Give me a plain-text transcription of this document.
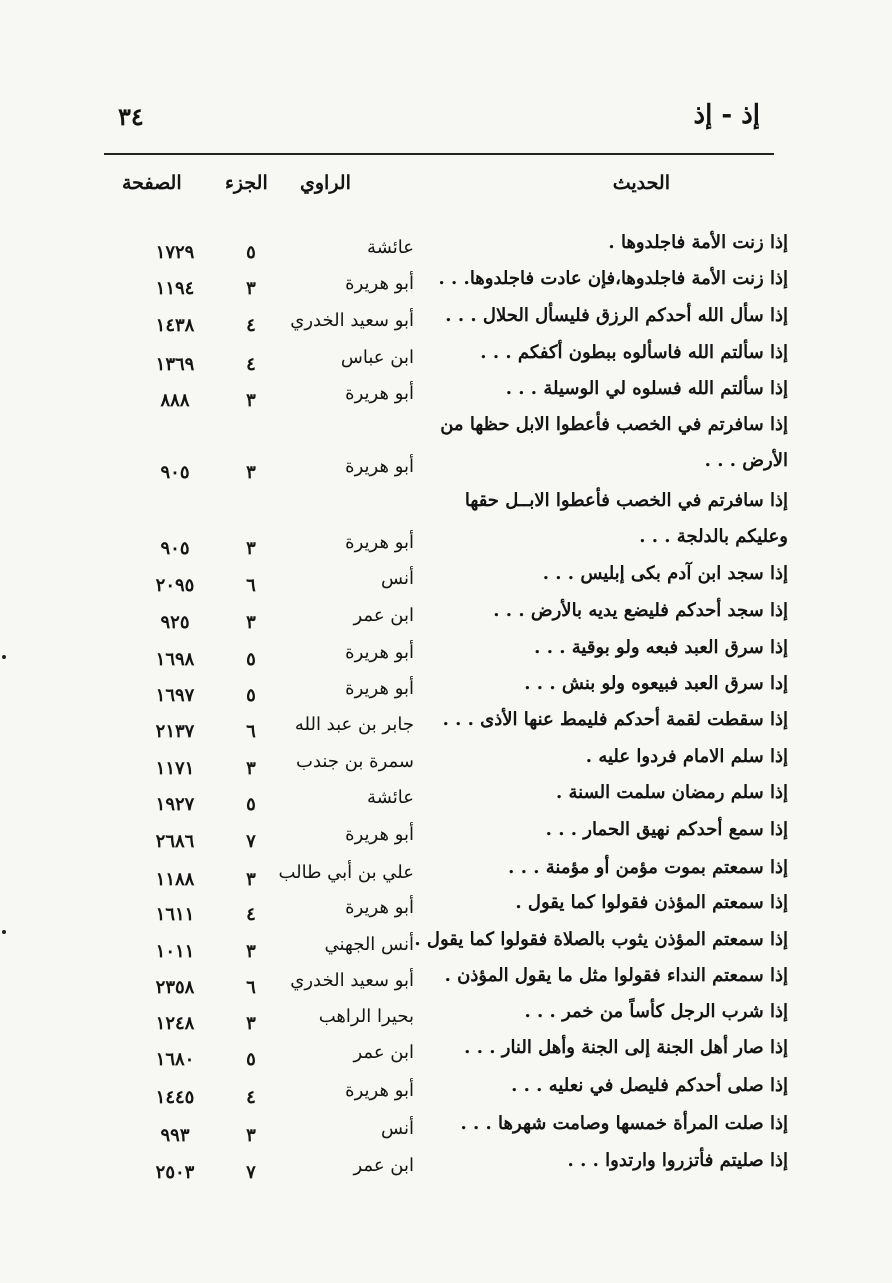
إذ - إذ
٣٤
الحديث
الراوي
الجزء
الصفحة
إذا زنت الأمة فاجلدوها .
عائشة
٥
١٧٢٩
إذا زنت الأمة فاجلدوها،فإن عادت فاجلدوها. . .
أبو هريرة
٣
١١٩٤
إذا سأل الله أحدكم الرزق فليسأل الحلال . . .
أبو سعيد الخدري
٤
١٤٣٨
إذا سألتم الله فاسألوه ببطون أكفكم . . .
ابن عباس
٤
١٣٦٩
إذا سألتم الله فسلوه لي الوسيلة . . .
أبو هريرة
٣
٨٨٨
إذا سافرتم في الخصب فأعطوا الابل حظها من
الأرض . . .
أبو هريرة
٣
٩٠٥
إذا سافرتم في الخصب فأعطوا الابــل حقها
وعليكم بالدلجة . . .
أبو هريرة
٣
٩٠٥
إذا سجد ابن آدم بكى إبليس . . .
أنس
٦
٢٠٩٥
إذا سجد أحدكم فليضع يديه بالأرض . . .
ابن عمر
٣
٩٢٥
إذا سرق العبد فبعه ولو بوقية . . .
أبو هريرة
٥
١٦٩٨
إدا سرق العبد فبيعوه ولو بنش . . .
أبو هريرة
٥
١٦٩٧
إذا سقطت لقمة أحدكم فليمط عنها الأذى . . .
جابر بن عبد الله
٦
٢١٣٧
إذا سلم الامام فردوا عليه .
سمرة بن جندب
٣
١١٧١
إذا سلم رمضان سلمت السنة .
عائشة
٥
١٩٢٧
إذا سمع أحدكم نهيق الحمار . . .
أبو هريرة
٧
٢٦٨٦
إذا سمعتم بموت مؤمن أو مؤمنة . . .
علي بن أبي طالب
٣
١١٨٨
إذا سمعتم المؤذن فقولوا كما يقول .
أبو هريرة
٤
١٦١١
إذا سمعتم المؤذن يثوب بالصلاة فقولوا كما يقول .
أنس الجهني
٣
١٠١١
إذا سمعتم النداء فقولوا مثل ما يقول المؤذن .
أبو سعيد الخدري
٦
٢٣٥٨
إذا شرب الرجل كأساً من خمر . . .
بحيرا الراهب
٣
١٢٤٨
إذا صار أهل الجنة إلى الجنة وأهل النار . . .
ابن عمر
٥
١٦٨٠
إذا صلى أحدكم فليصل في نعليه . . .
أبو هريرة
٤
١٤٤٥
إذا صلت المرأة خمسها وصامت شهرها . . .
أنس
٣
٩٩٣
إذا صليتم فأتزروا وارتدوا . . .
ابن عمر
٧
٢٥٠٣
